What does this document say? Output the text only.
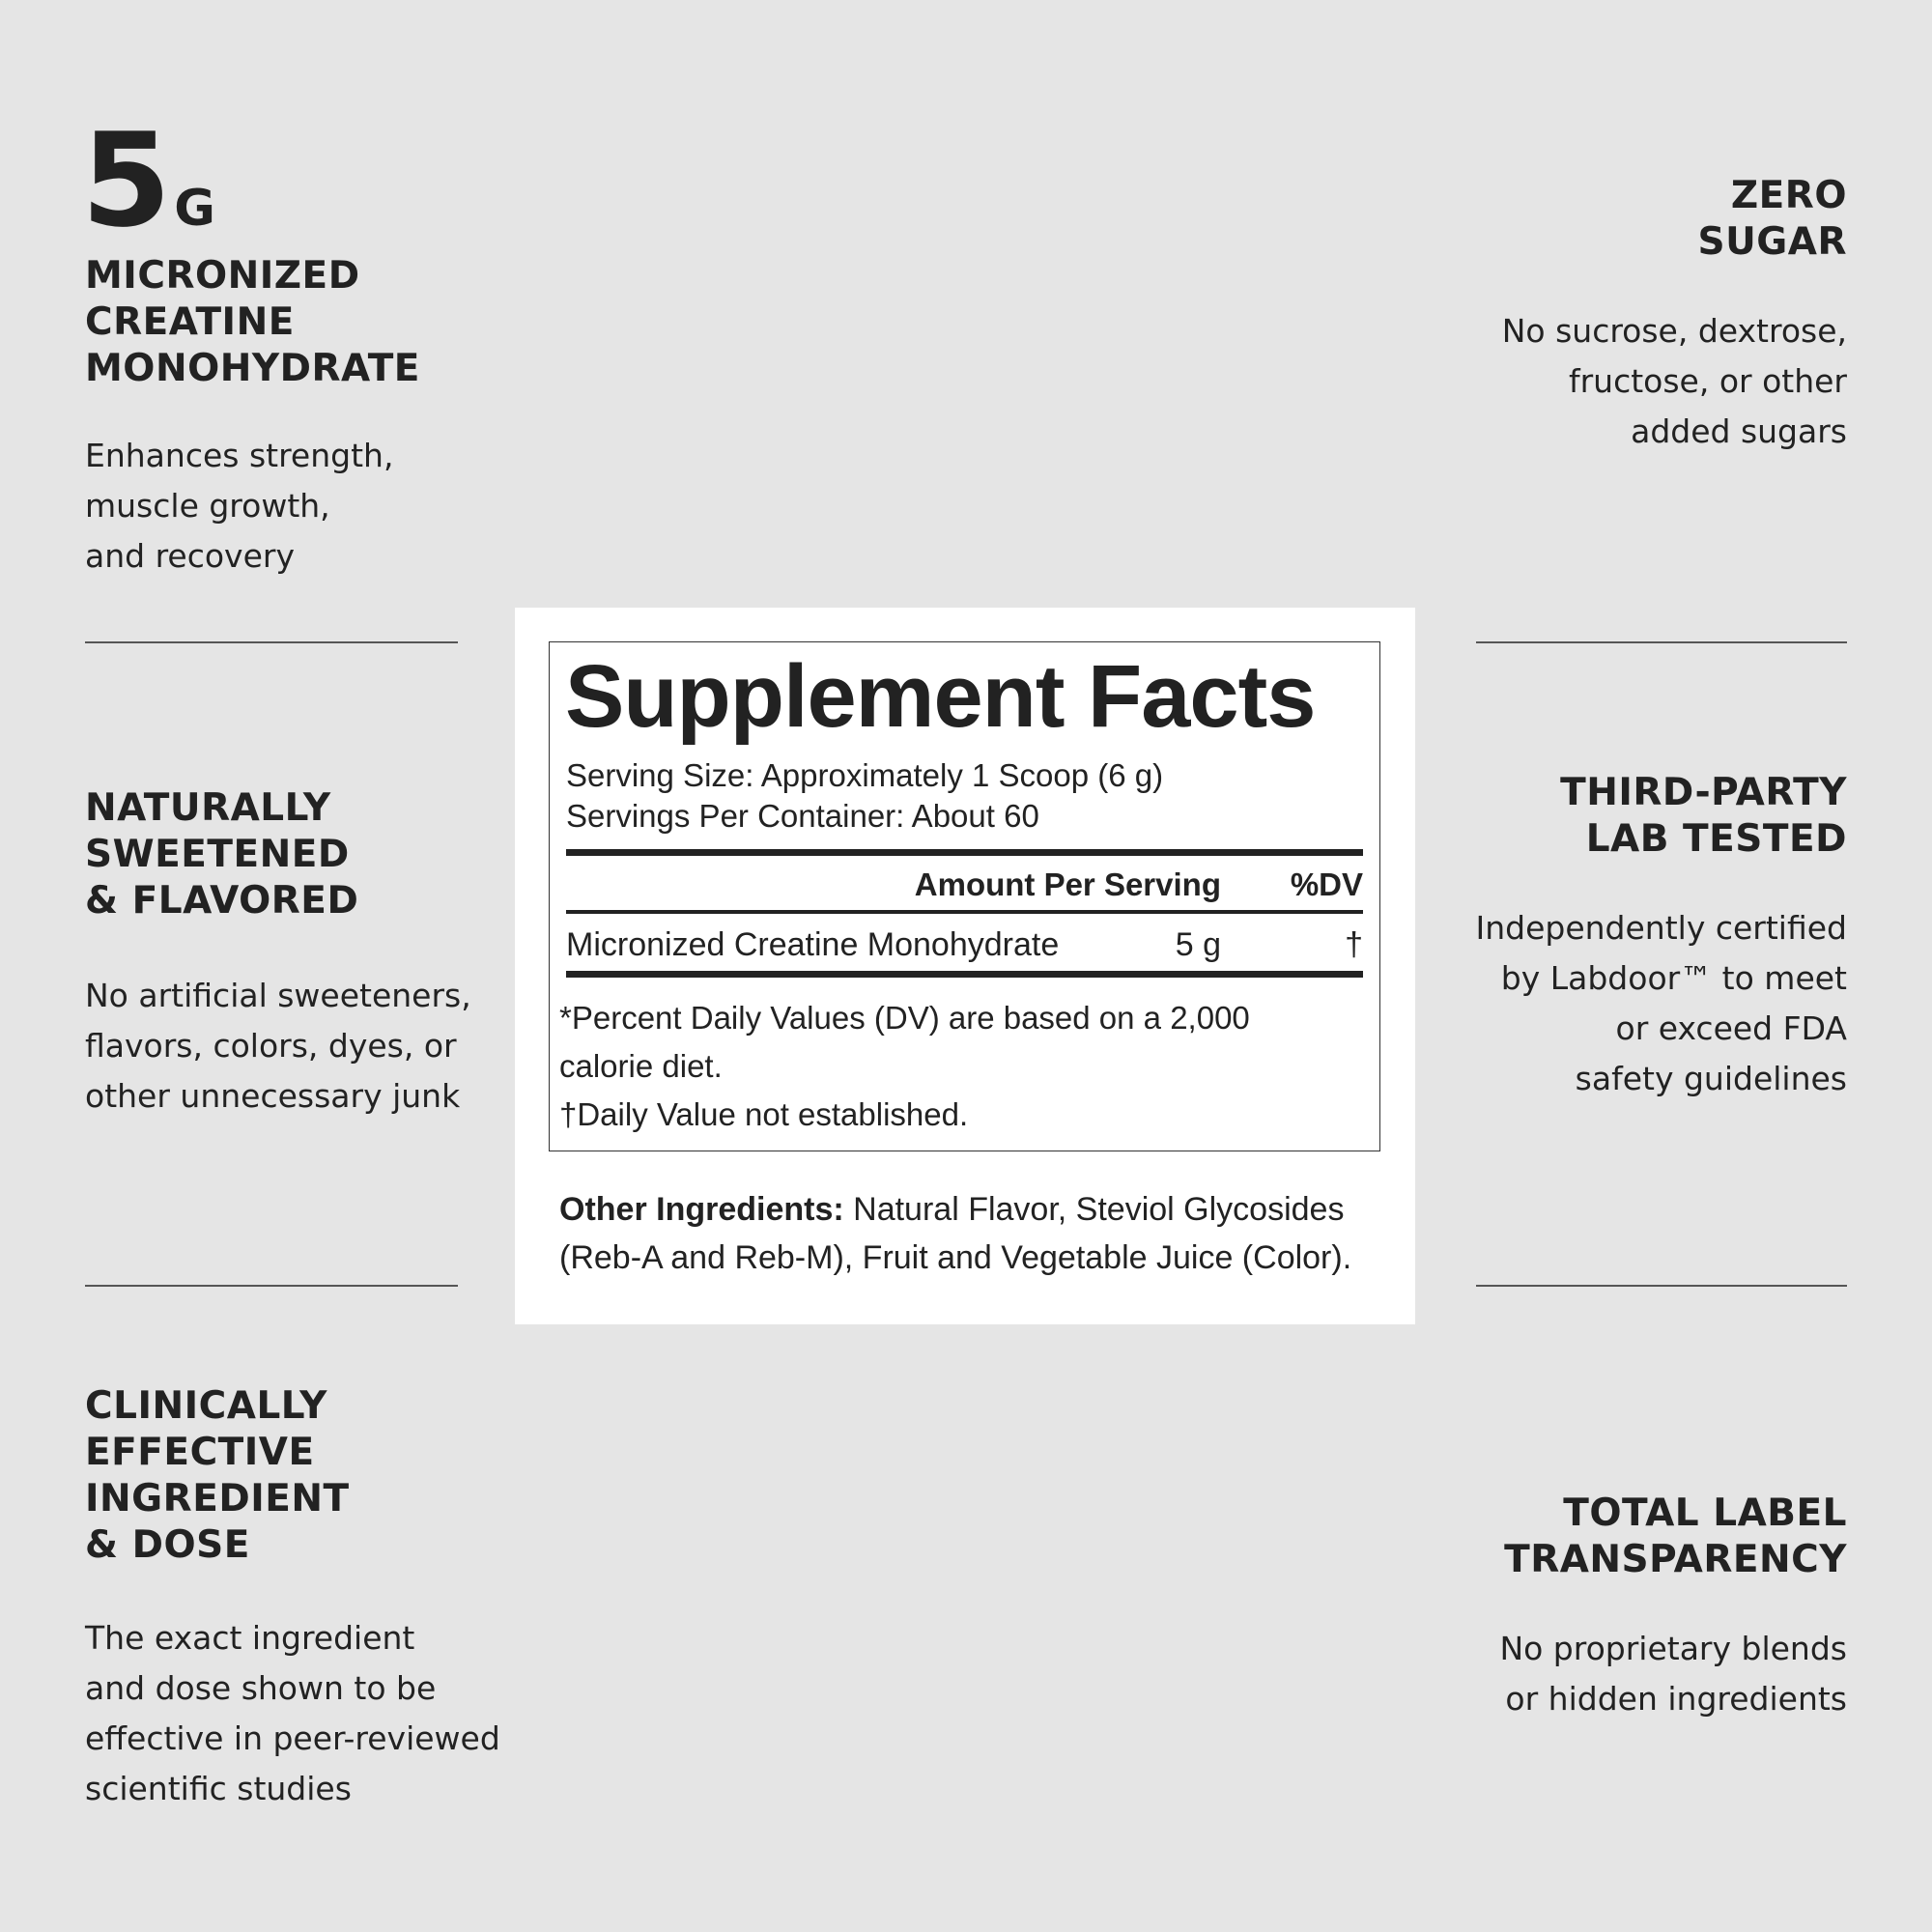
5 G
MICRONIZED
CREATINE
MONOHYDRATE

Enhances strength,
muscle growth,
and recovery

NATURALLY
SWEETENED
& FLAVORED

No artificial sweeteners,
flavors, colors, dyes, or
other unnecessary junk

CLINICALLY
EFFECTIVE
INGREDIENT
& DOSE

The exact ingredient
and dose shown to be
effective in peer-reviewed
scientific studies

ZERO
SUGAR

No sucrose, dextrose,
fructose, or other
added sugars

THIRD-PARTY
LAB TESTED

Independently certified
by Labdoor™ to meet
or exceed FDA
safety guidelines

TOTAL LABEL
TRANSPARENCY

No proprietary blends
or hidden ingredients

Supplement Facts
Serving Size: Approximately 1 Scoop (6 g)
Servings Per Container: About 60
Amount Per Serving %DV
Micronized Creatine Monohydrate	5 g	†
*Percent Daily Values (DV) are based on a 2,000
calorie diet.
†Daily Value not established.
Other Ingredients: Natural Flavor, Steviol Glycosides (Reb-A and Reb-M), Fruit and Vegetable Juice (Color).
